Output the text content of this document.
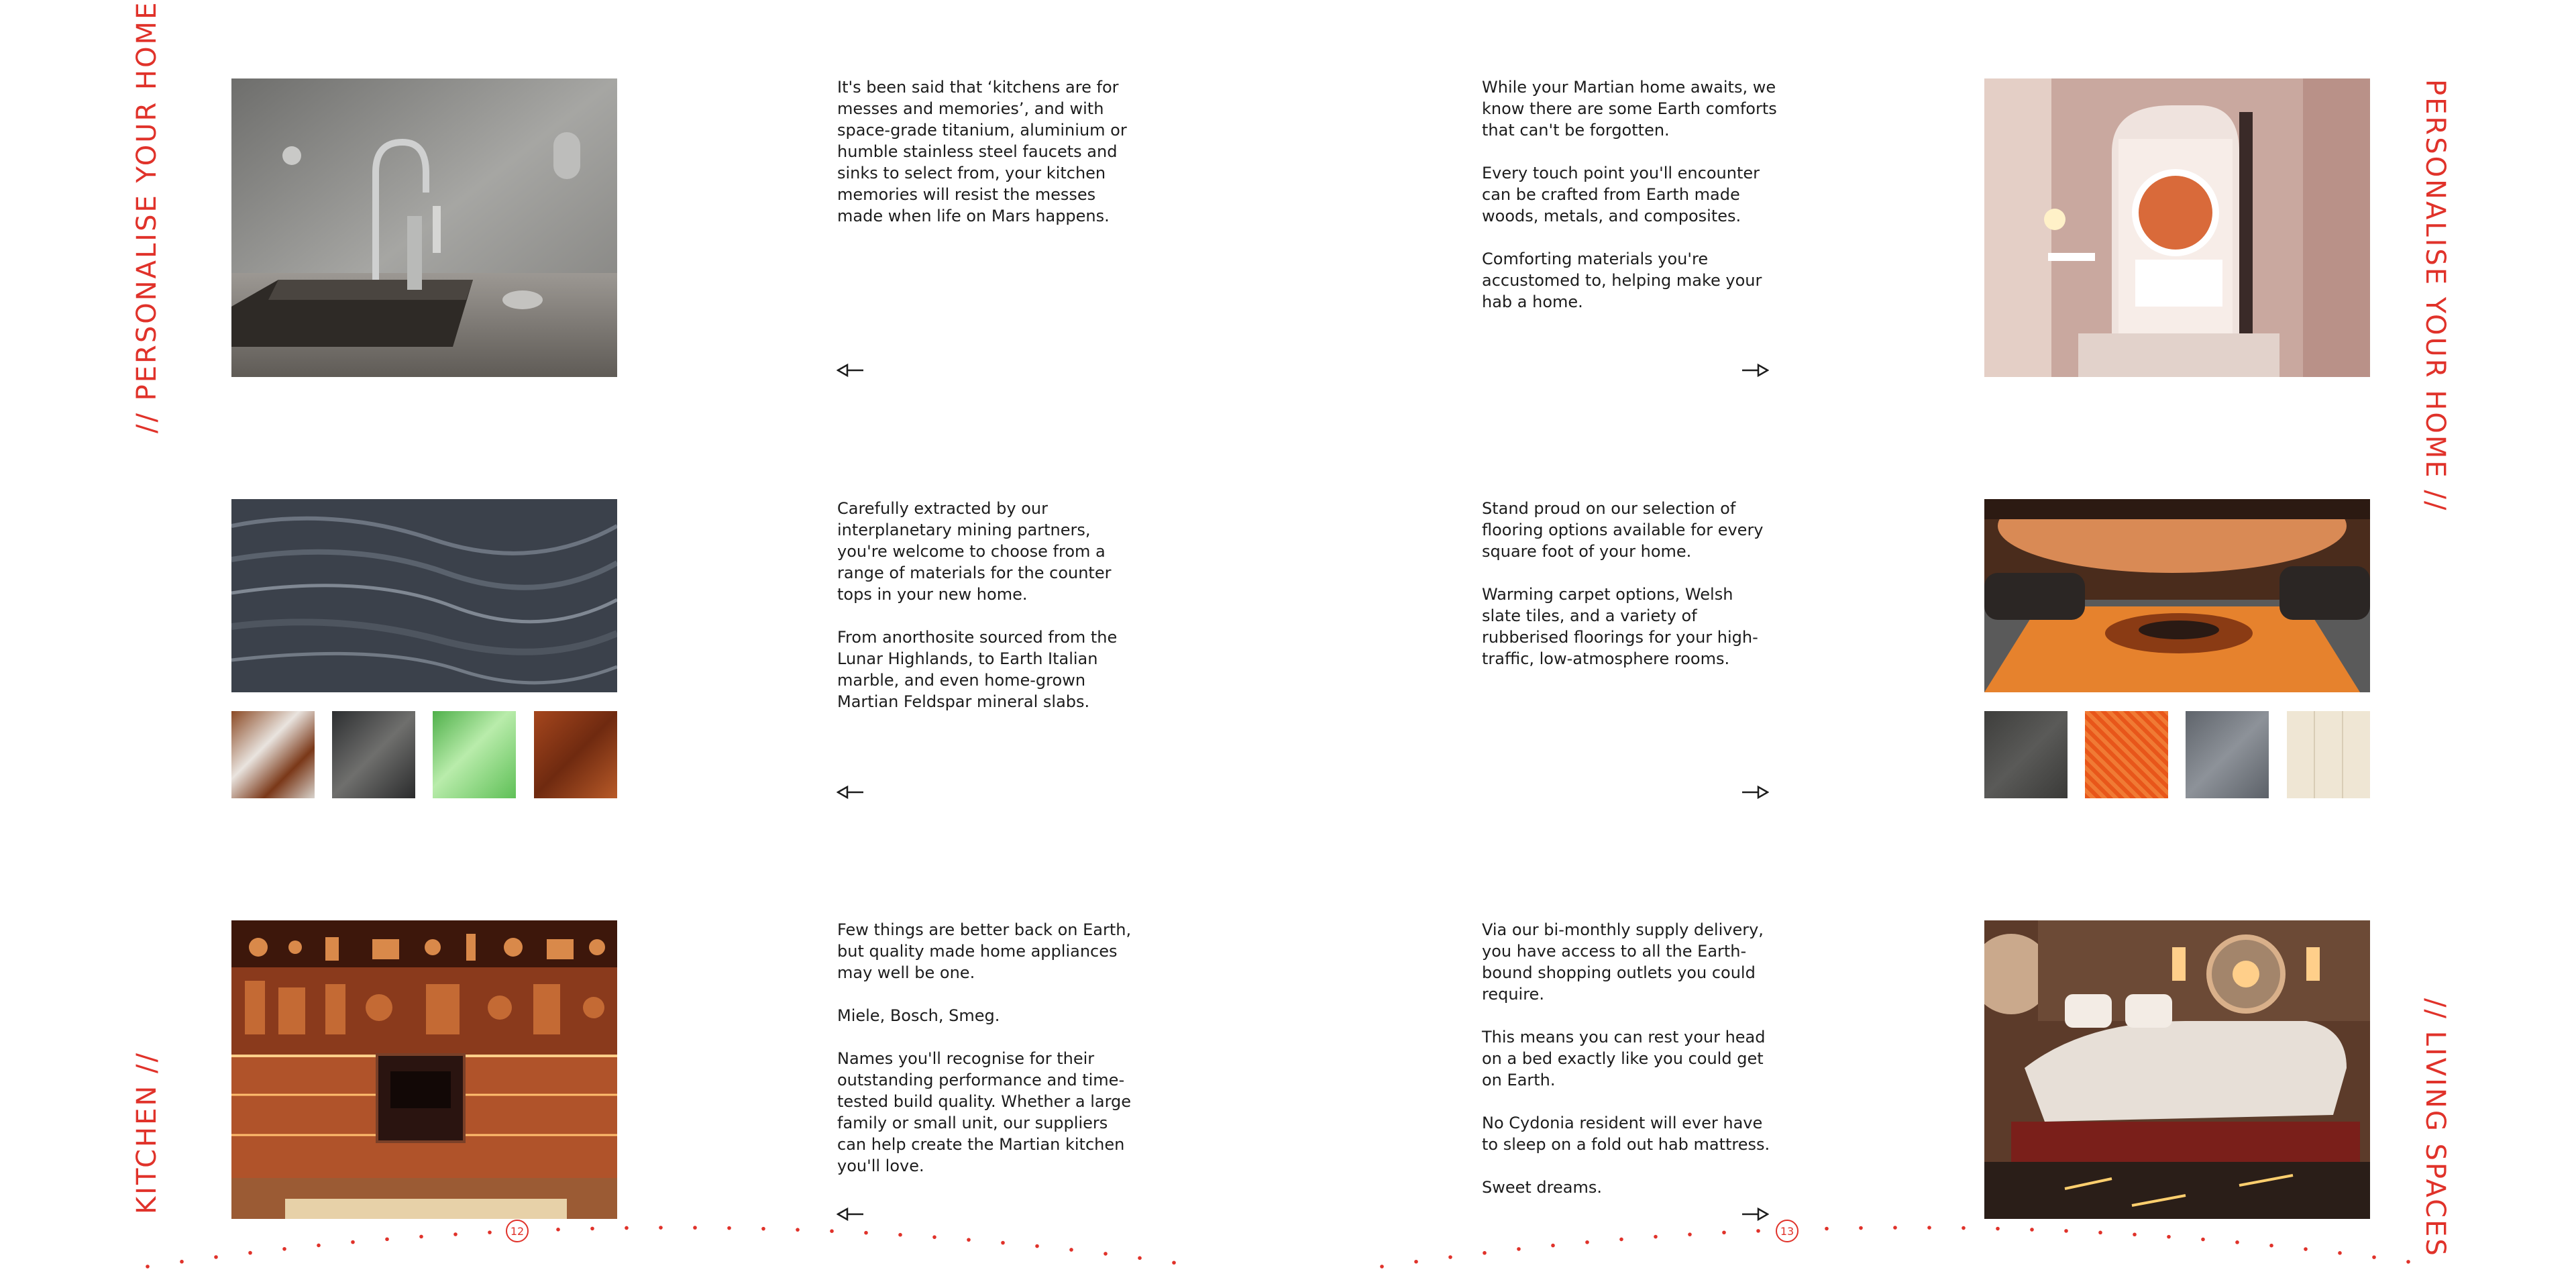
// PERSONALISE YOUR HOME
KITCHEN //
PERSONALISE YOUR HOME //
// LIVING SPACES

It's been said that ‘kitchens are for messes and memories’, and with space-grade titanium, aluminium or humble stainless steel faucets and sinks to select from, your kitchen memories will resist the messes made when life on Mars happens.

Carefully extracted by our interplanetary mining partners, you're welcome to choose from a range of materials for the counter tops in your new home.

From anorthosite sourced from the Lunar Highlands, to Earth Italian marble, and even home-grown Martian Feldspar mineral slabs.

Few things are better back on Earth, but quality made home appliances may well be one.

Miele, Bosch, Smeg.

Names you'll recognise for their outstanding performance and time-tested build quality. Whether a large family or small unit, our suppliers can help create the Martian kitchen you'll love.

While your Martian home awaits, we know there are some Earth comforts that can't be forgotten.

Every touch point you'll encounter can be crafted from Earth made woods, metals, and composites.

Comforting materials you're accustomed to, helping make your hab a home.

Stand proud on our selection of flooring options available for every square foot of your home.

Warming carpet options, Welsh slate tiles, and a variety of rubberised floorings for your high-traffic, low-atmosphere rooms.

Via our bi-monthly supply delivery, you have access to all the Earth-bound shopping outlets you could require.

This means you can rest your head on a bed exactly like you could get on Earth.

No Cydonia resident will ever have to sleep on a fold out hab mattress.

Sweet dreams.

12	13
